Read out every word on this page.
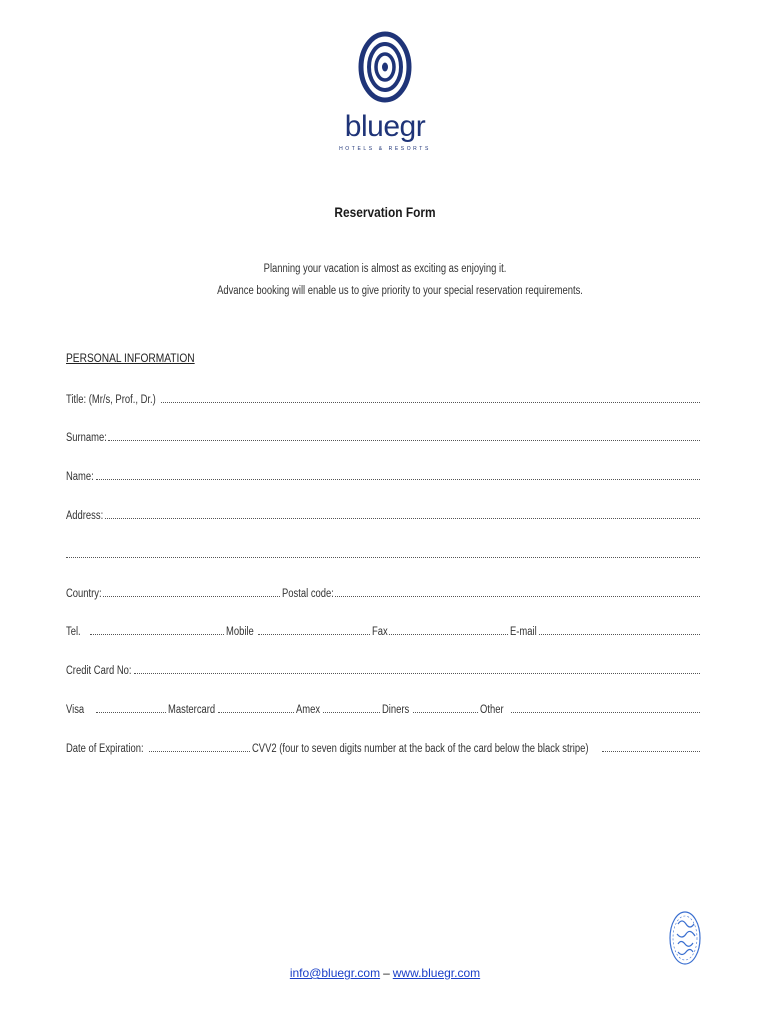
bluegr
HOTELS & RESORTS
Reservation Form
Planning your vacation is almost as exciting as enjoying it.
Advance booking will enable us to give priority to your special reservation requirements.
PERSONAL INFORMATION
Title: (Mr/s, Prof., Dr.)
Surname:
Name:
Address:
Country:	Postal code:
Tel.	Mobile	Fax	E-mail
Credit Card No:
Visa	Mastercard	Amex	Diners	Other
Date of Expiration:	CVV2 (four to seven digits number at the back of the card below the black stripe)
info@bluegr.com – www.bluegr.com
